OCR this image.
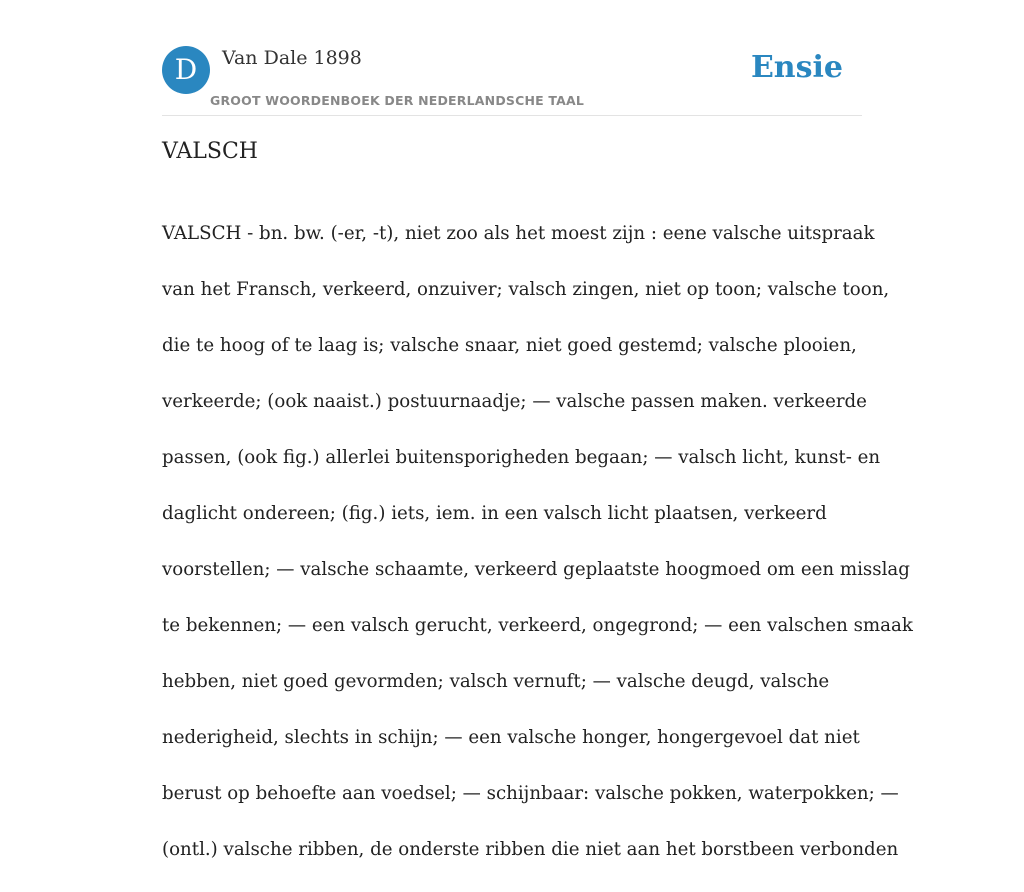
D	Van Dale 1898
GROOT WOORDENBOEK DER NEDERLANDSCHE TAAL
Ensie
VALSCH

VALSCH - bn. bw. (-er, -t), niet zoo als het moest zijn : eene valsche uitspraak

van het Fransch, verkeerd, onzuiver; valsch zingen, niet op toon; valsche toon,

die te hoog of te laag is; valsche snaar, niet goed gestemd; valsche plooien,

verkeerde; (ook naaist.) postuurnaadje; — valsche passen maken. verkeerde

passen, (ook fig.) allerlei buitensporigheden begaan; — valsch licht, kunst- en

daglicht ondereen; (fig.) iets, iem. in een valsch licht plaatsen, verkeerd

voorstellen; — valsche schaamte, verkeerd geplaatste hoogmoed om een misslag

te bekennen; — een valsch gerucht, verkeerd, ongegrond; — een valschen smaak

hebben, niet goed gevormden; valsch vernuft; — valsche deugd, valsche

nederigheid, slechts in schijn; — een valsche honger, hongergevoel dat niet

berust op behoefte aan voedsel; — schijnbaar: valsche pokken, waterpokken; —

(ontl.) valsche ribben, de onderste ribben die niet aan het borstbeen verbonden
